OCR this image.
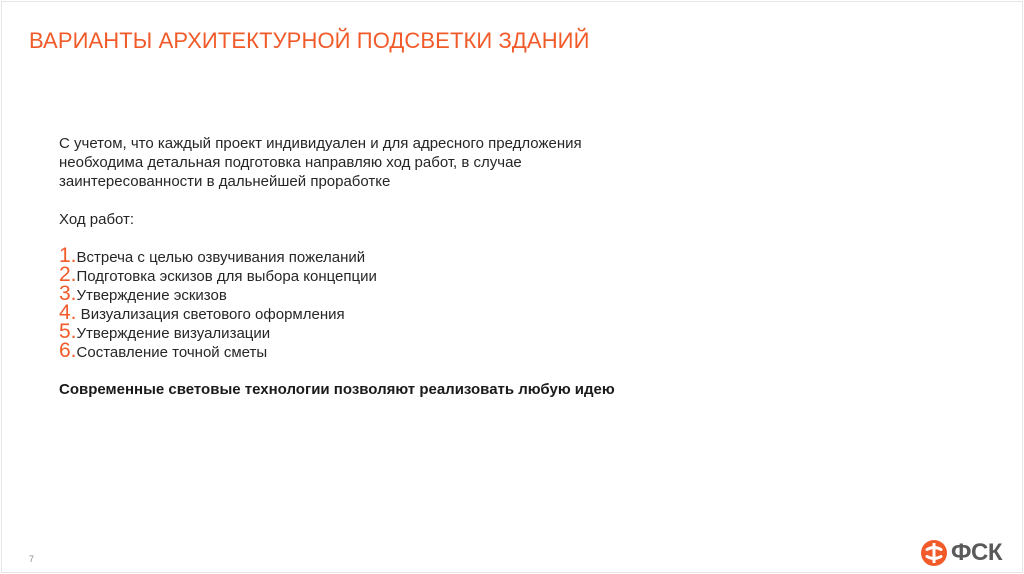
ВАРИАНТЫ АРХИТЕКТУРНОЙ ПОДСВЕТКИ ЗДАНИЙ

С учетом, что каждый проект индивидуален и для адресного предложения

необходима детальная подготовка направляю ход работ, в случае

заинтересованности в дальнейшей проработке

Ход работ:
1. Встреча с целью озвучивания пожеланий
2. Подготовка эскизов для выбора концепции
3. Утверждение эскизов
4. Визуализация светового оформления
5. Утверждение визуализации
6. Составление точной сметы
Современные световые технологии позволяют реализовать любую идею
7	ФСК
